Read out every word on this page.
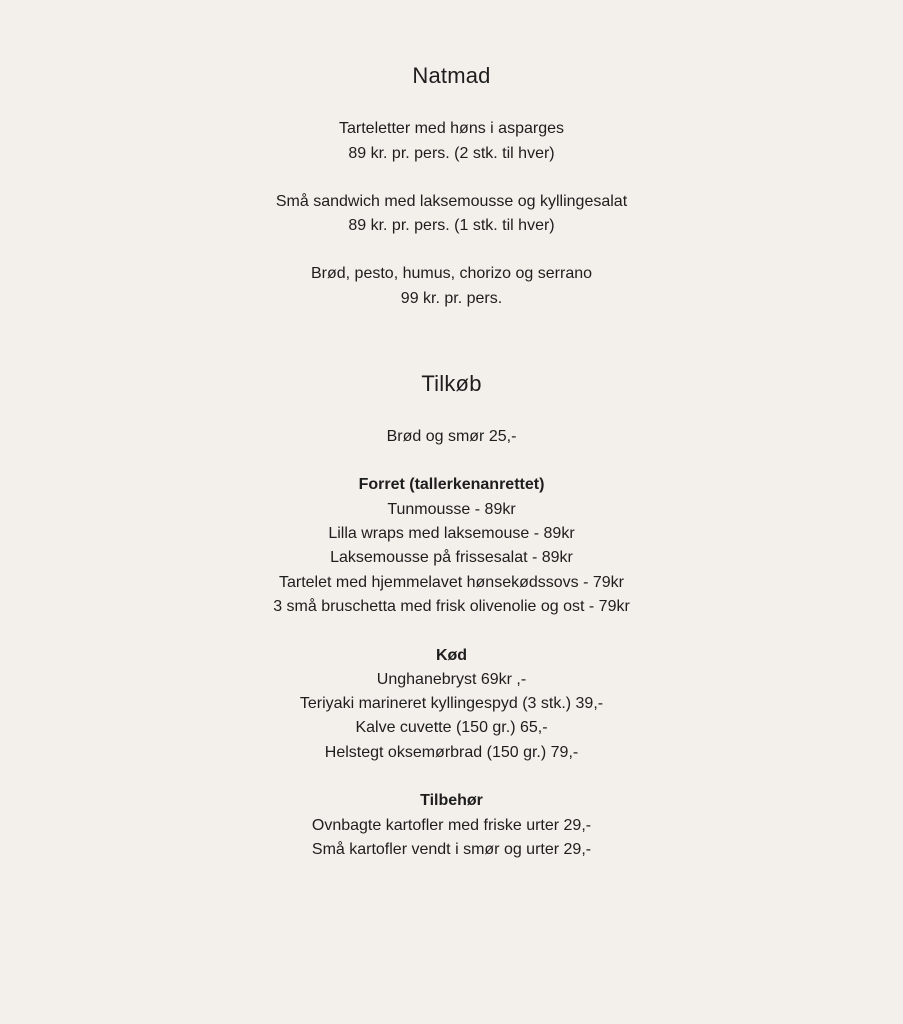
Natmad
Tarteletter med høns i asparges
89 kr. pr. pers. (2 stk. til hver)
Små sandwich med laksemousse og kyllingesalat
89 kr. pr. pers. (1 stk. til hver)
Brød, pesto, humus, chorizo og serrano
99 kr. pr. pers.
Tilkøb
Brød og smør 25,-
Forret (tallerkenanrettet)
Tunmousse - 89kr
Lilla wraps med laksemouse - 89kr
Laksemousse på frissesalat - 89kr
Tartelet med hjemmelavet hønsekødssovs - 79kr
3 små bruschetta med frisk olivenolie og ost - 79kr
Kød
Unghanebryst 69kr ,-
Teriyaki marineret kyllingespyd (3 stk.) 39,-
Kalve cuvette (150 gr.) 65,-
Helstegt oksemørbrad (150 gr.) 79,-
Tilbehør
Ovnbagte kartofler med friske urter 29,-
Små kartofler vendt i smør og urter 29,-
